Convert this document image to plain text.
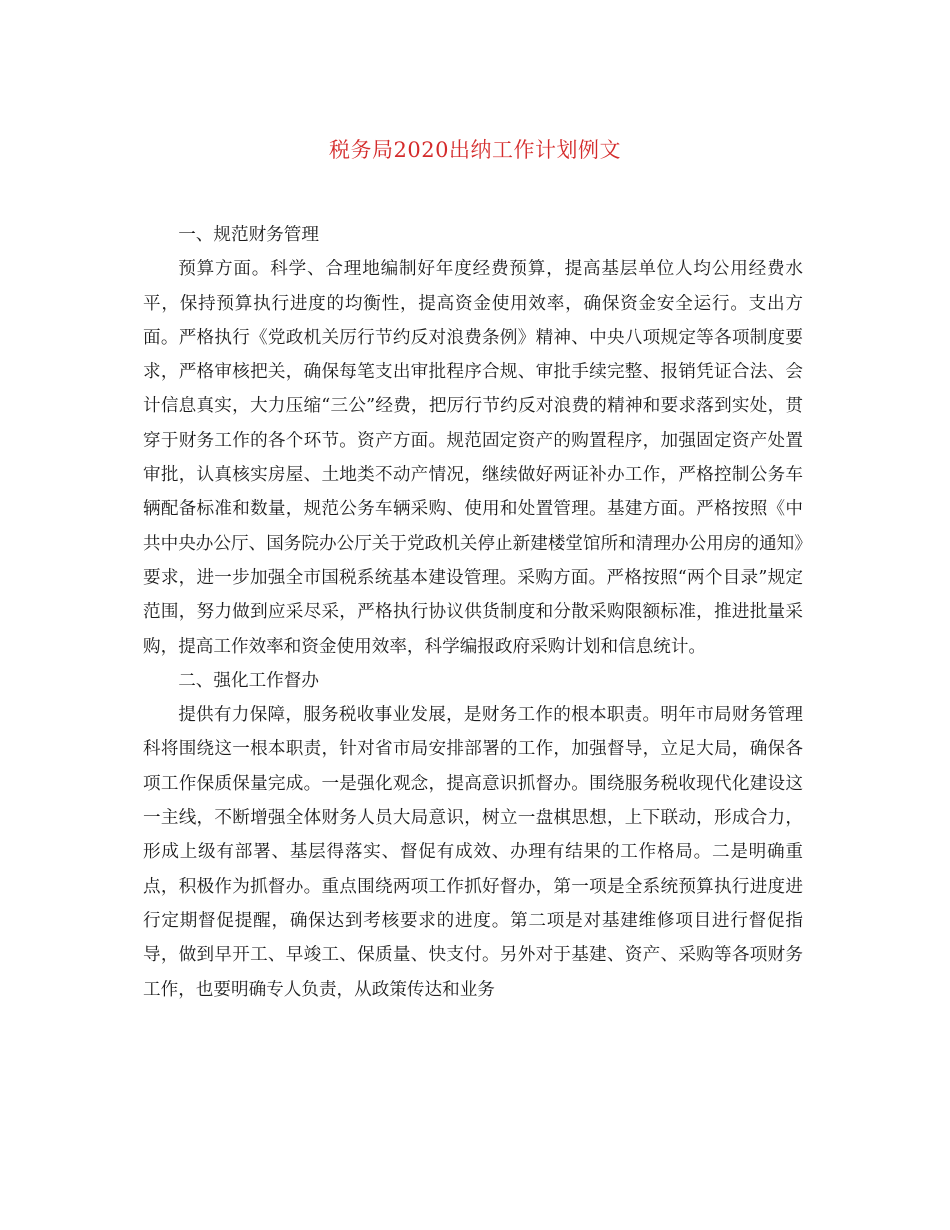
税务局2020出纳工作计划例文

一、规范财务管理

预算方面。科学、合理地编制好年度经费预算，提高基层单位人均公用经费水平，保持预算执行进度的均衡性，提高资金使用效率，确保资金安全运行。支出方面。严格执行《党政机关厉行节约反对浪费条例》精神、中央八项规定等各项制度要求，严格审核把关，确保每笔支出审批程序合规、审批手续完整、报销凭证合法、会计信息真实，大力压缩“三公”经费，把厉行节约反对浪费的精神和要求落到实处，贯穿于财务工作的各个环节。资产方面。规范固定资产的购置程序，加强固定资产处置审批，认真核实房屋、土地类不动产情况，继续做好两证补办工作，严格控制公务车辆配备标准和数量，规范公务车辆采购、使用和处置管理。基建方面。严格按照《中共中央办公厅、国务院办公厅关于党政机关停止新建楼堂馆所和清理办公用房的通知》要求，进一步加强全市国税系统基本建设管理。采购方面。严格按照“两个目录”规定范围，努力做到应采尽采，严格执行协议供货制度和分散采购限额标准，推进批量采购，提高工作效率和资金使用效率，科学编报政府采购计划和信息统计。

二、强化工作督办

提供有力保障，服务税收事业发展，是财务工作的根本职责。明年市局财务管理科将围绕这一根本职责，针对省市局安排部署的工作，加强督导，立足大局，确保各项工作保质保量完成。一是强化观念，提高意识抓督办。围绕服务税收现代化建设这一主线，不断增强全体财务人员大局意识，树立一盘棋思想，上下联动，形成合力，形成上级有部署、基层得落实、督促有成效、办理有结果的工作格局。二是明确重点，积极作为抓督办。重点围绕两项工作抓好督办，第一项是全系统预算执行进度进行定期督促提醒，确保达到考核要求的进度。第二项是对基建维修项目进行督促指导，做到早开工、早竣工、保质量、快支付。另外对于基建、资产、采购等各项财务工作，也要明确专人负责，从政策传达和业务
